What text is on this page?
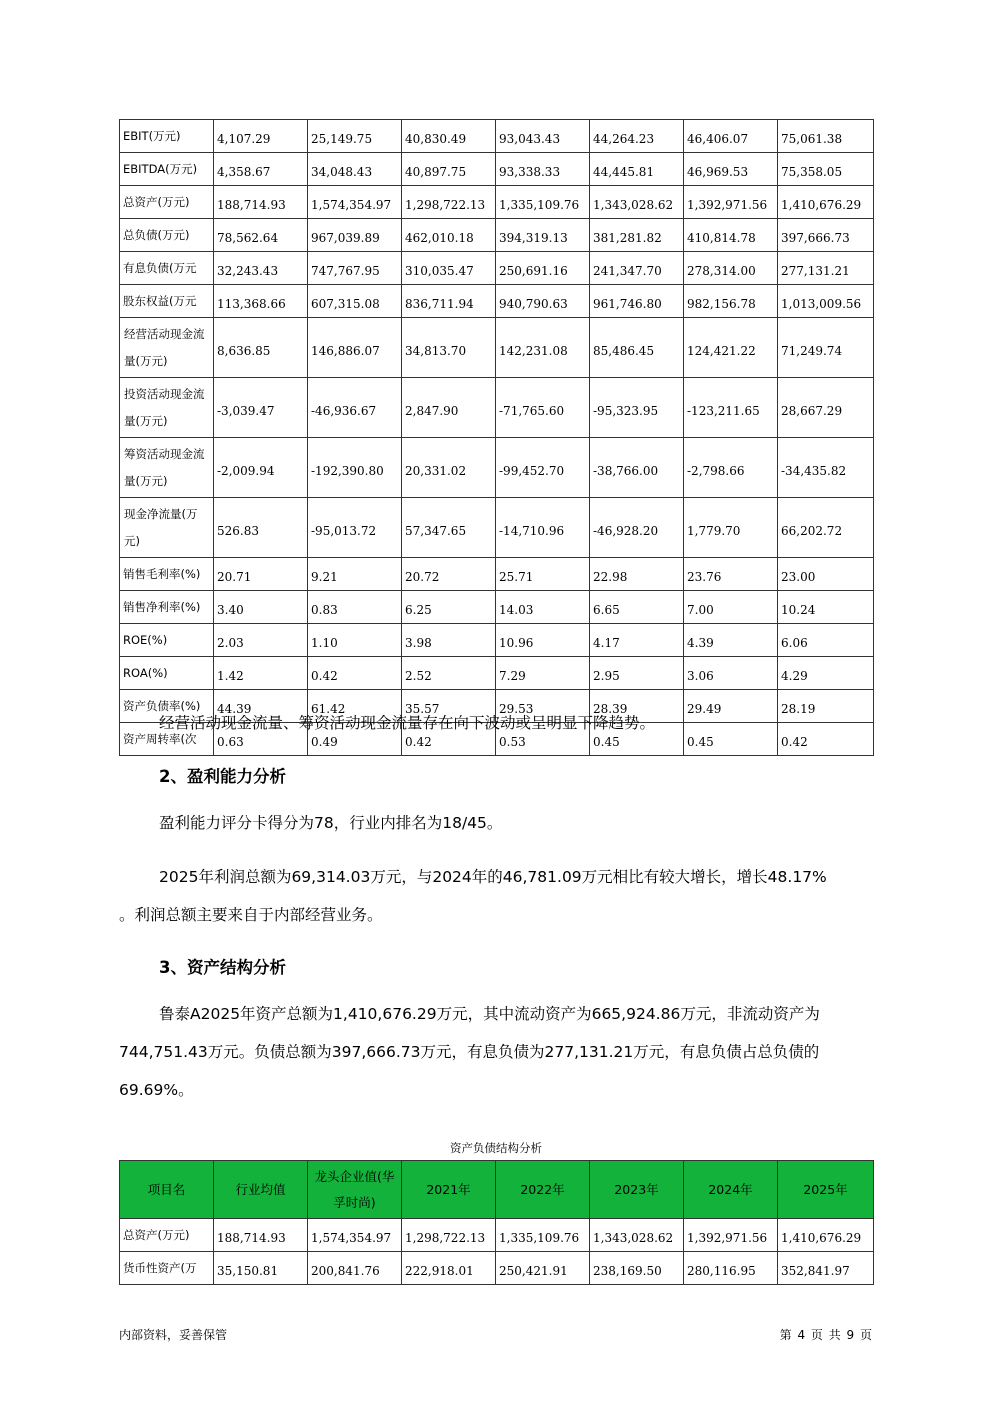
EBIT(万元)	4,107.29	25,149.75	40,830.49	93,043.43	44,264.23	46,406.07	75,061.38
EBITDA(万元)	4,358.67	34,048.43	40,897.75	93,338.33	44,445.81	46,969.53	75,358.05
总资产(万元)	188,714.93	1,574,354.97	1,298,722.13	1,335,109.76	1,343,028.62	1,392,971.56	1,410,676.29
总负债(万元)	78,562.64	967,039.89	462,010.18	394,319.13	381,281.82	410,814.78	397,666.73
有息负债(万元	32,243.43	747,767.95	310,035.47	250,691.16	241,347.70	278,314.00	277,131.21
股东权益(万元	113,368.66	607,315.08	836,711.94	940,790.63	961,746.80	982,156.78	1,013,009.56
经营活动现金流量(万元)	8,636.85	146,886.07	34,813.70	142,231.08	85,486.45	124,421.22	71,249.74
投资活动现金流量(万元)	-3,039.47	-46,936.67	2,847.90	-71,765.60	-95,323.95	-123,211.65	28,667.29
筹资活动现金流量(万元)	-2,009.94	-192,390.80	20,331.02	-99,452.70	-38,766.00	-2,798.66	-34,435.82
现金净流量(万元)	526.83	-95,013.72	57,347.65	-14,710.96	-46,928.20	1,779.70	66,202.72
销售毛利率(%)	20.71	9.21	20.72	25.71	22.98	23.76	23.00
销售净利率(%)	3.40	0.83	6.25	14.03	6.65	7.00	10.24
ROE(%)	2.03	1.10	3.98	10.96	4.17	4.39	6.06
ROA(%)	1.42	0.42	2.52	7.29	2.95	3.06	4.29
资产负债率(%)	44.39	61.42	35.57	29.53	28.39	29.49	28.19
资产周转率(次	0.63	0.49	0.42	0.53	0.45	0.45	0.42
经营活动现金流量、筹资活动现金流量存在向下波动或呈明显下降趋势。
2、盈利能力分析
盈利能力评分卡得分为78，行业内排名为18/45。
2025年利润总额为69,314.03万元，与2024年的46,781.09万元相比有较大增长，增长48.17%
。利润总额主要来自于内部经营业务。
3、资产结构分析
鲁泰A2025年资产总额为1,410,676.29万元，其中流动资产为665,924.86万元，非流动资产为
744,751.43万元。负债总额为397,666.73万元，有息负债为277,131.21万元，有息负债占总负债的
69.69%。
资产负债结构分析
项目名	行业均值	龙头企业值(华孚时尚)	2021年	2022年	2023年	2024年	2025年
总资产(万元)	188,714.93	1,574,354.97	1,298,722.13	1,335,109.76	1,343,028.62	1,392,971.56	1,410,676.29
货币性资产(万	35,150.81	200,841.76	222,918.01	250,421.91	238,169.50	280,116.95	352,841.97
内部资料，妥善保管	第 4 页 共 9 页
